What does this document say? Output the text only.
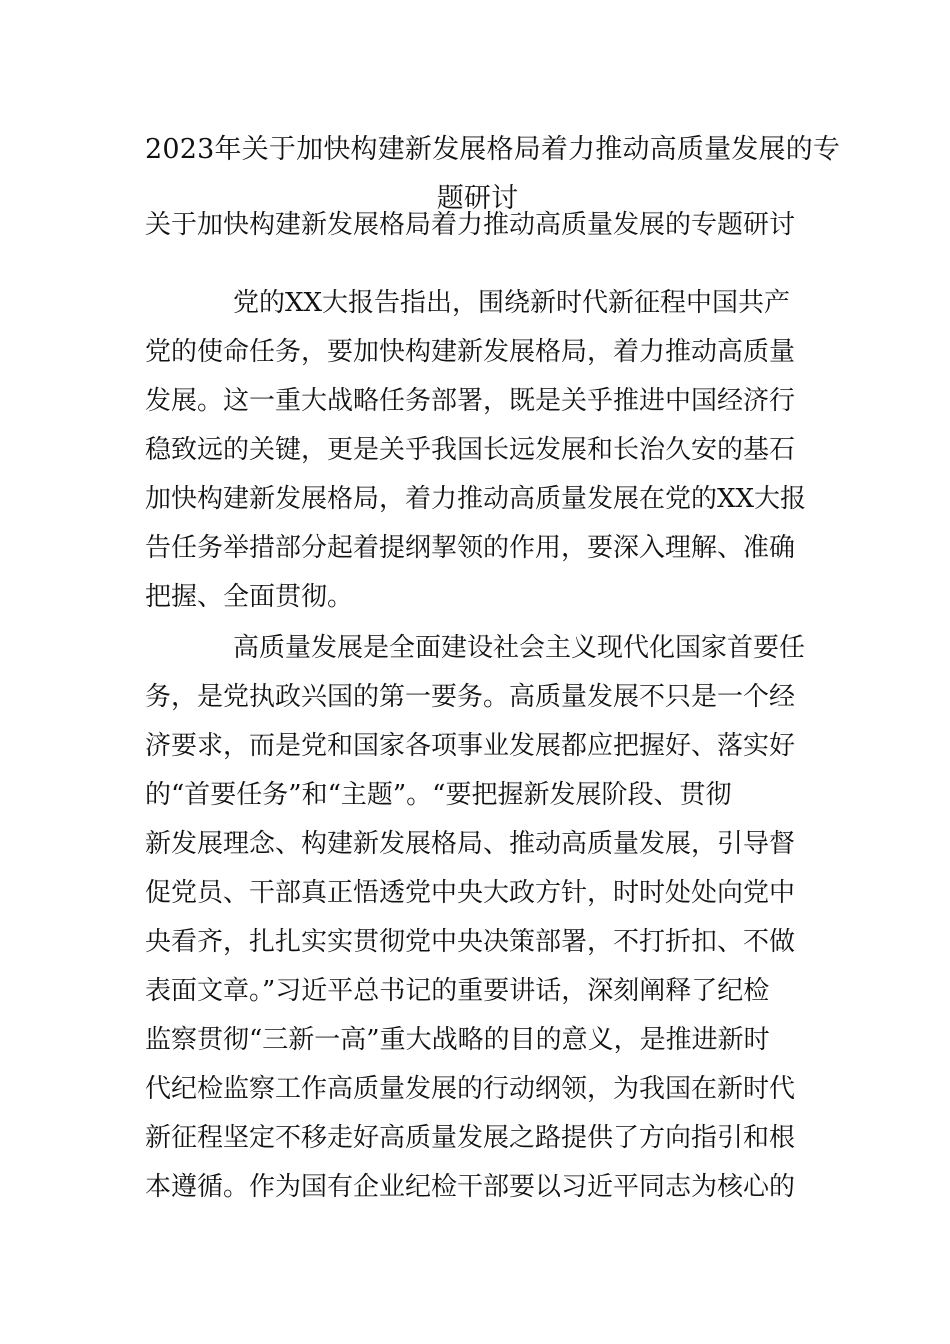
2023年关于加快构建新发展格局着力推动高质量发展的专
题研讨
关于加快构建新发展格局着力推动高质量发展的专题研讨
党的XX大报告指出，围绕新时代新征程中国共产
党的使命任务，要加快构建新发展格局，着力推动高质量
发展。这一重大战略任务部署，既是关乎推进中国经济行
稳致远的关键，更是关乎我国长远发展和长治久安的基石
加快构建新发展格局，着力推动高质量发展在党的XX大报
告任务举措部分起着提纲挈领的作用，要深入理解、准确
把握、全面贯彻。
高质量发展是全面建设社会主义现代化国家首要任
务，是党执政兴国的第一要务。高质量发展不只是一个经
济要求，而是党和国家各项事业发展都应把握好、落实好
的“首要任务”和“主题”。“要把握新发展阶段、贯彻
新发展理念、构建新发展格局、推动高质量发展，引导督
促党员、干部真正悟透党中央大政方针，时时处处向党中
央看齐，扎扎实实贯彻党中央决策部署，不打折扣、不做
表面文章。”习近平总书记的重要讲话，深刻阐释了纪检
监察贯彻“三新一高”重大战略的目的意义，是推进新时
代纪检监察工作高质量发展的行动纲领，为我国在新时代
新征程坚定不移走好高质量发展之路提供了方向指引和根
本遵循。作为国有企业纪检干部要以习近平同志为核心的
